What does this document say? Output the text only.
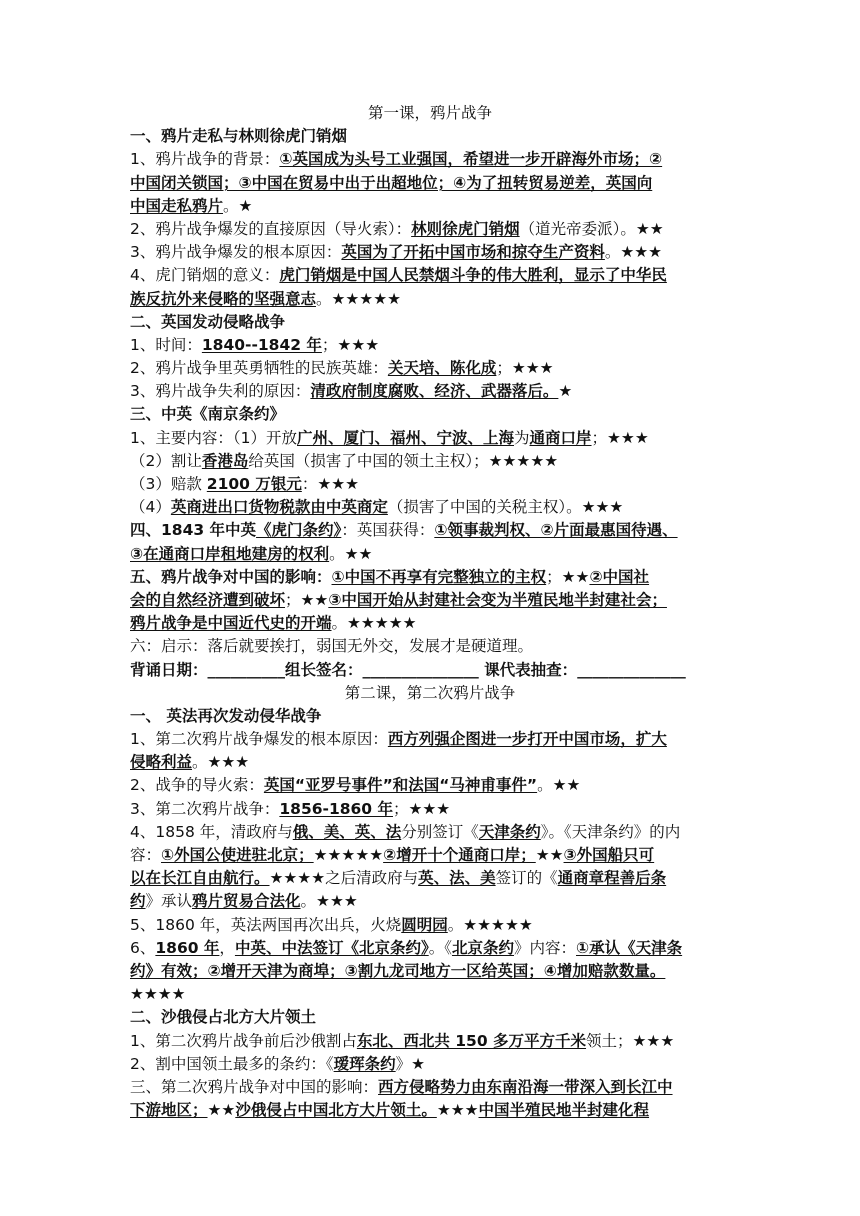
第一课，鸦片战争
一、鸦片走私与林则徐虎门销烟
1、鸦片战争的背景：①英国成为头号工业强国，希望进一步开辟海外市场；②
中国闭关锁国；③中国在贸易中出于出超地位；④为了扭转贸易逆差，英国向
中国走私鸦片。★
2、鸦片战争爆发的直接原因（导火索）：林则徐虎门销烟（道光帝委派）。★★
3、鸦片战争爆发的根本原因：英国为了开拓中国市场和掠夺生产资料。★★★
4、虎门销烟的意义：虎门销烟是中国人民禁烟斗争的伟大胜利，显示了中华民
族反抗外来侵略的坚强意志。★★★★★
二、英国发动侵略战争
1、时间：1840--1842 年；★★★
2、鸦片战争里英勇牺牲的民族英雄：关天培、陈化成；★★★
3、鸦片战争失利的原因：清政府制度腐败、经济、武器落后。★
三、中英《南京条约》
1、主要内容：（1）开放广州、厦门、福州、宁波、上海为通商口岸；★★★
（2）割让香港岛给英国（损害了中国的领土主权）；★★★★★
（3）赔款 2100 万银元：★★★
（4）英商进出口货物税款由中英商定（损害了中国的关税主权）。★★★
四、1843 年中英《虎门条约》：英国获得：①领事裁判权、②片面最惠国待遇、
③在通商口岸租地建房的权利。★★
五、鸦片战争对中国的影响：①中国不再享有完整独立的主权；★★②中国社
会的自然经济遭到破坏；★★③中国开始从封建社会变为半殖民地半封建社会；
鸦片战争是中国近代史的开端。★★★★★
六：启示：落后就要挨打，弱国无外交，发展才是硬道理。
背诵日期：__________组长签名：_______________ 课代表抽查：______________
第二课，第二次鸦片战争
一、 英法再次发动侵华战争
1、第二次鸦片战争爆发的根本原因：西方列强企图进一步打开中国市场，扩大
侵略利益。★★★
2、战争的导火索：英国“亚罗号事件”和法国“马神甫事件”。★★
3、第二次鸦片战争：1856-1860 年；★★★
4、1858 年，清政府与俄、美、英、法分别签订《天津条约》。《天津条约》的内
容：①外国公使进驻北京；★★★★★②增开十个通商口岸；★★③外国船只可
以在长江自由航行。★★★★之后清政府与英、法、美签订的《通商章程善后条
约》承认鸦片贸易合法化。★★★
5、1860 年，英法两国再次出兵，火烧圆明园。★★★★★
6、1860 年，中英、中法签订《北京条约》。《北京条约》内容：①承认《天津条
约》有效；②增开天津为商埠；③割九龙司地方一区给英国；④增加赔款数量。
★★★★
二、沙俄侵占北方大片领土
1、第二次鸦片战争前后沙俄割占东北、西北共 150 多万平方千米领土；★★★
2、割中国领土最多的条约：《瑷珲条约》★
三、第二次鸦片战争对中国的影响：西方侵略势力由东南沿海一带深入到长江中
下游地区；★★沙俄侵占中国北方大片领土。★★★中国半殖民地半封建化程
